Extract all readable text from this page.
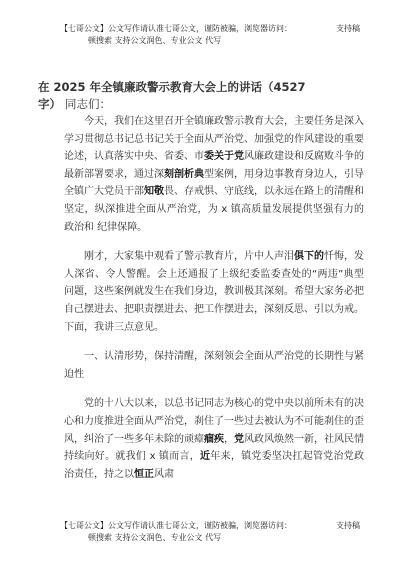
【七哥公文】公文写作请认准七哥公文，谨防被骗，浏览器访问：	支持稿
顿搜索 支持公文润色、专业公文 代写
在 2025 年全镇廉政警示教育大会上的讲话（4527
字） 同志们：

今天，我们在这里召开全镇廉政警示教育大会，主要任务是深入学习贯彻总书记总书记关于全面从严治党、加强党的作风建设的重要论述，认真落实中央、省委、市委关于党风廉政建设和反腐败斗争的最新部署要求，通过深刻剖析典型案例，用身边事教育身边人，引导全镇广大党员干部知敬畏、存戒惧、守底线，以永远在路上的清醒和坚定，纵深推进全面从严治党，为 x 镇高质量发展提供坚强有力的政治和 纪律保障。

刚才，大家集中观看了警示教育片，片中人声泪俱下的忏悔，发人深省、令人警醒。会上还通报了上级纪委监委查处的“两违”典型问题，这些案例就发生在我们身边，教训极其深刻。希望大家务必把自己摆进去、把职责摆进去、把工作摆进去，深刻反思、引以为戒。下面，我讲三点意见。

一、认清形势，保持清醒，深刻领会全面从严治党的长期性与紧迫性

党的十八大以来，以总书记同志为核心的党中央以前所未有的决心和力度推进全面从严治党，刹住了一些过去被认为不可能刹住的歪风，纠治了一些多年未除的顽瘴痼疾，党风政风焕然一新，社风民情持续向好。就我们 x 镇而言，近年来，镇党委坚决扛起管党治党政治责任，持之以恒正风肃

【七哥公文】公文写作请认准七哥公文，谨防被骗，浏览器访问：	支持稿
顿搜索 支持公文润色、专业公文 代写
